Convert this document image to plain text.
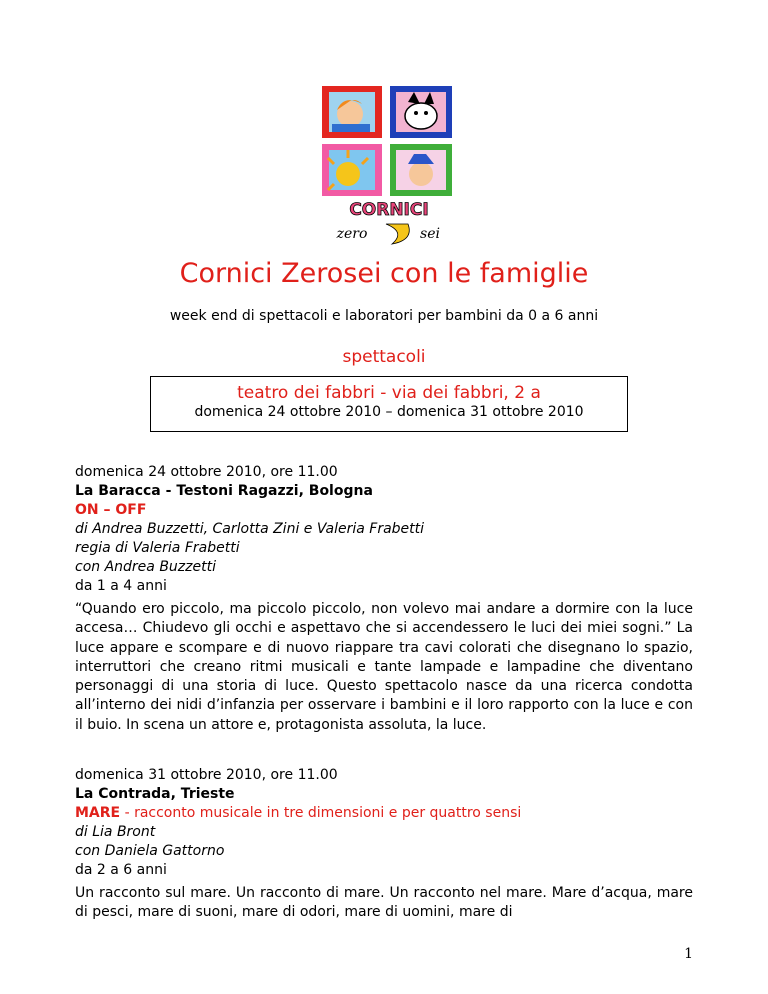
CORNICI
zero	sei
Cornici Zerosei con le famiglie
week end di spettacoli e laboratori per bambini da 0 a 6 anni
spettacoli
teatro dei fabbri - via dei fabbri, 2 a
domenica 24 ottobre 2010 – domenica 31 ottobre 2010
domenica 24 ottobre 2010, ore 11.00
La Baracca - Testoni Ragazzi, Bologna
ON – OFF
di Andrea Buzzetti, Carlotta Zini e Valeria Frabetti
regia di Valeria Frabetti
con Andrea Buzzetti
da 1 a 4 anni
“Quando ero piccolo, ma piccolo piccolo, non volevo mai andare a dormire con la luce accesa… Chiudevo gli occhi e aspettavo che si accendessero le luci dei miei sogni.” La luce appare e scompare e di nuovo riappare tra cavi colorati che disegnano lo spazio, interruttori che creano ritmi musicali e tante lampade e lampadine che diventano personaggi di una storia di luce. Questo spettacolo nasce da una ricerca condotta all’interno dei nidi d’infanzia per osservare i bambini e il loro rapporto con la luce e con il buio. In scena un attore e, protagonista assoluta, la luce.
domenica 31 ottobre 2010, ore 11.00
La Contrada, Trieste
MARE - racconto musicale in tre dimensioni e per quattro sensi
di Lia Bront
con Daniela Gattorno
da 2 a 6 anni
Un racconto sul mare. Un racconto di mare. Un racconto nel mare. Mare d’acqua, mare di pesci, mare di suoni, mare di odori, mare di uomini, mare di
1
